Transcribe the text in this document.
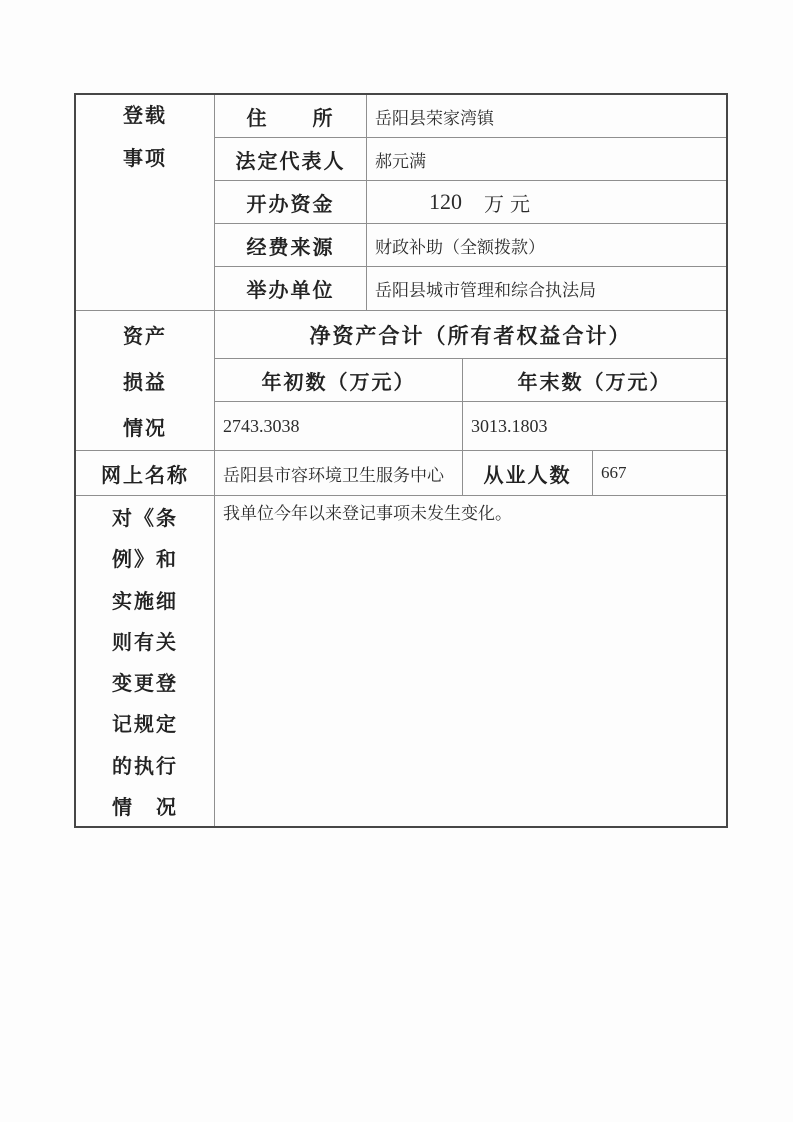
登载
事项
住　　所	岳阳县荣家湾镇
法定代表人	郝元满
开办资金	120 万元
经费来源	财政补助（全额拨款）
举办单位	岳阳县城市管理和综合执法局
资产
损益
情况
净资产合计（所有者权益合计）
年初数（万元）	年末数（万元）
2743.3038	3013.1803
网上名称	岳阳县市容环境卫生服务中心	从业人数	667
对《条
例》和
实施细
则有关
变更登
记规定
的执行
情　况
我单位今年以来登记事项未发生变化。
